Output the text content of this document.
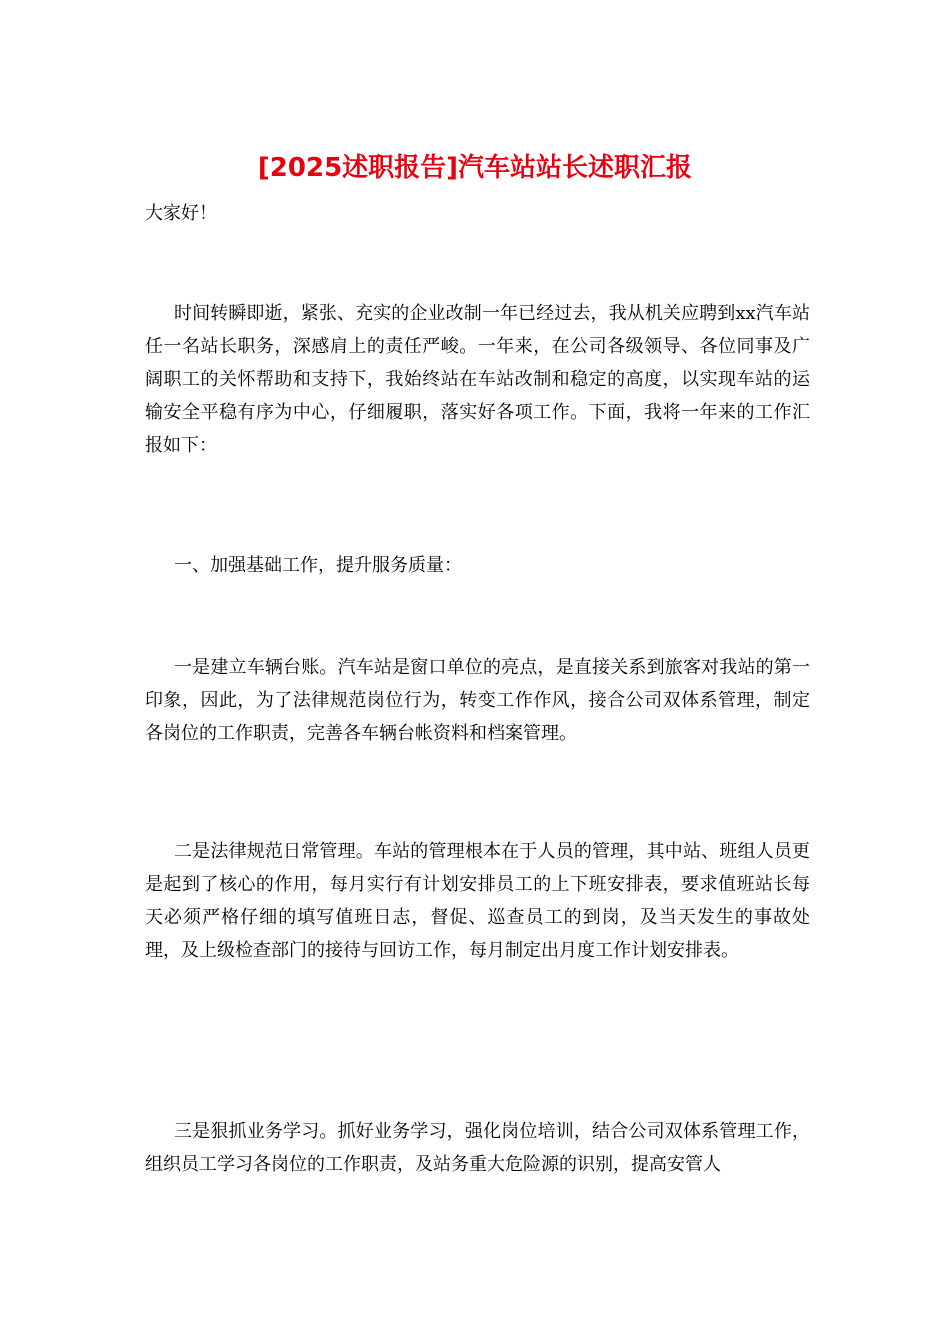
[2025述职报告]汽车站站长述职汇报

大家好！

时间转瞬即逝，紧张、充实的企业改制一年已经过去，我从机关应聘到xx汽车站任一名站长职务，深感肩上的责任严峻。一年来，在公司各级领导、各位同事及广阔职工的关怀帮助和支持下，我始终站在车站改制和稳定的高度，以实现车站的运输安全平稳有序为中心，仔细履职，落实好各项工作。下面，我将一年来的工作汇报如下：

一、加强基础工作，提升服务质量：

一是建立车辆台账。汽车站是窗口单位的亮点，是直接关系到旅客对我站的第一印象，因此，为了法律规范岗位行为，转变工作作风，接合公司双体系管理，制定各岗位的工作职责，完善各车辆台帐资料和档案管理。

二是法律规范日常管理。车站的管理根本在于人员的管理，其中站、班组人员更是起到了核心的作用，每月实行有计划安排员工的上下班安排表，要求值班站长每天必须严格仔细的填写值班日志，督促、巡查员工的到岗，及当天发生的事故处理，及上级检查部门的接待与回访工作，每月制定出月度工作计划安排表。

三是狠抓业务学习。抓好业务学习，强化岗位培训，结合公司双体系管理工作，组织员工学习各岗位的工作职责，及站务重大危险源的识别，提高安管人
